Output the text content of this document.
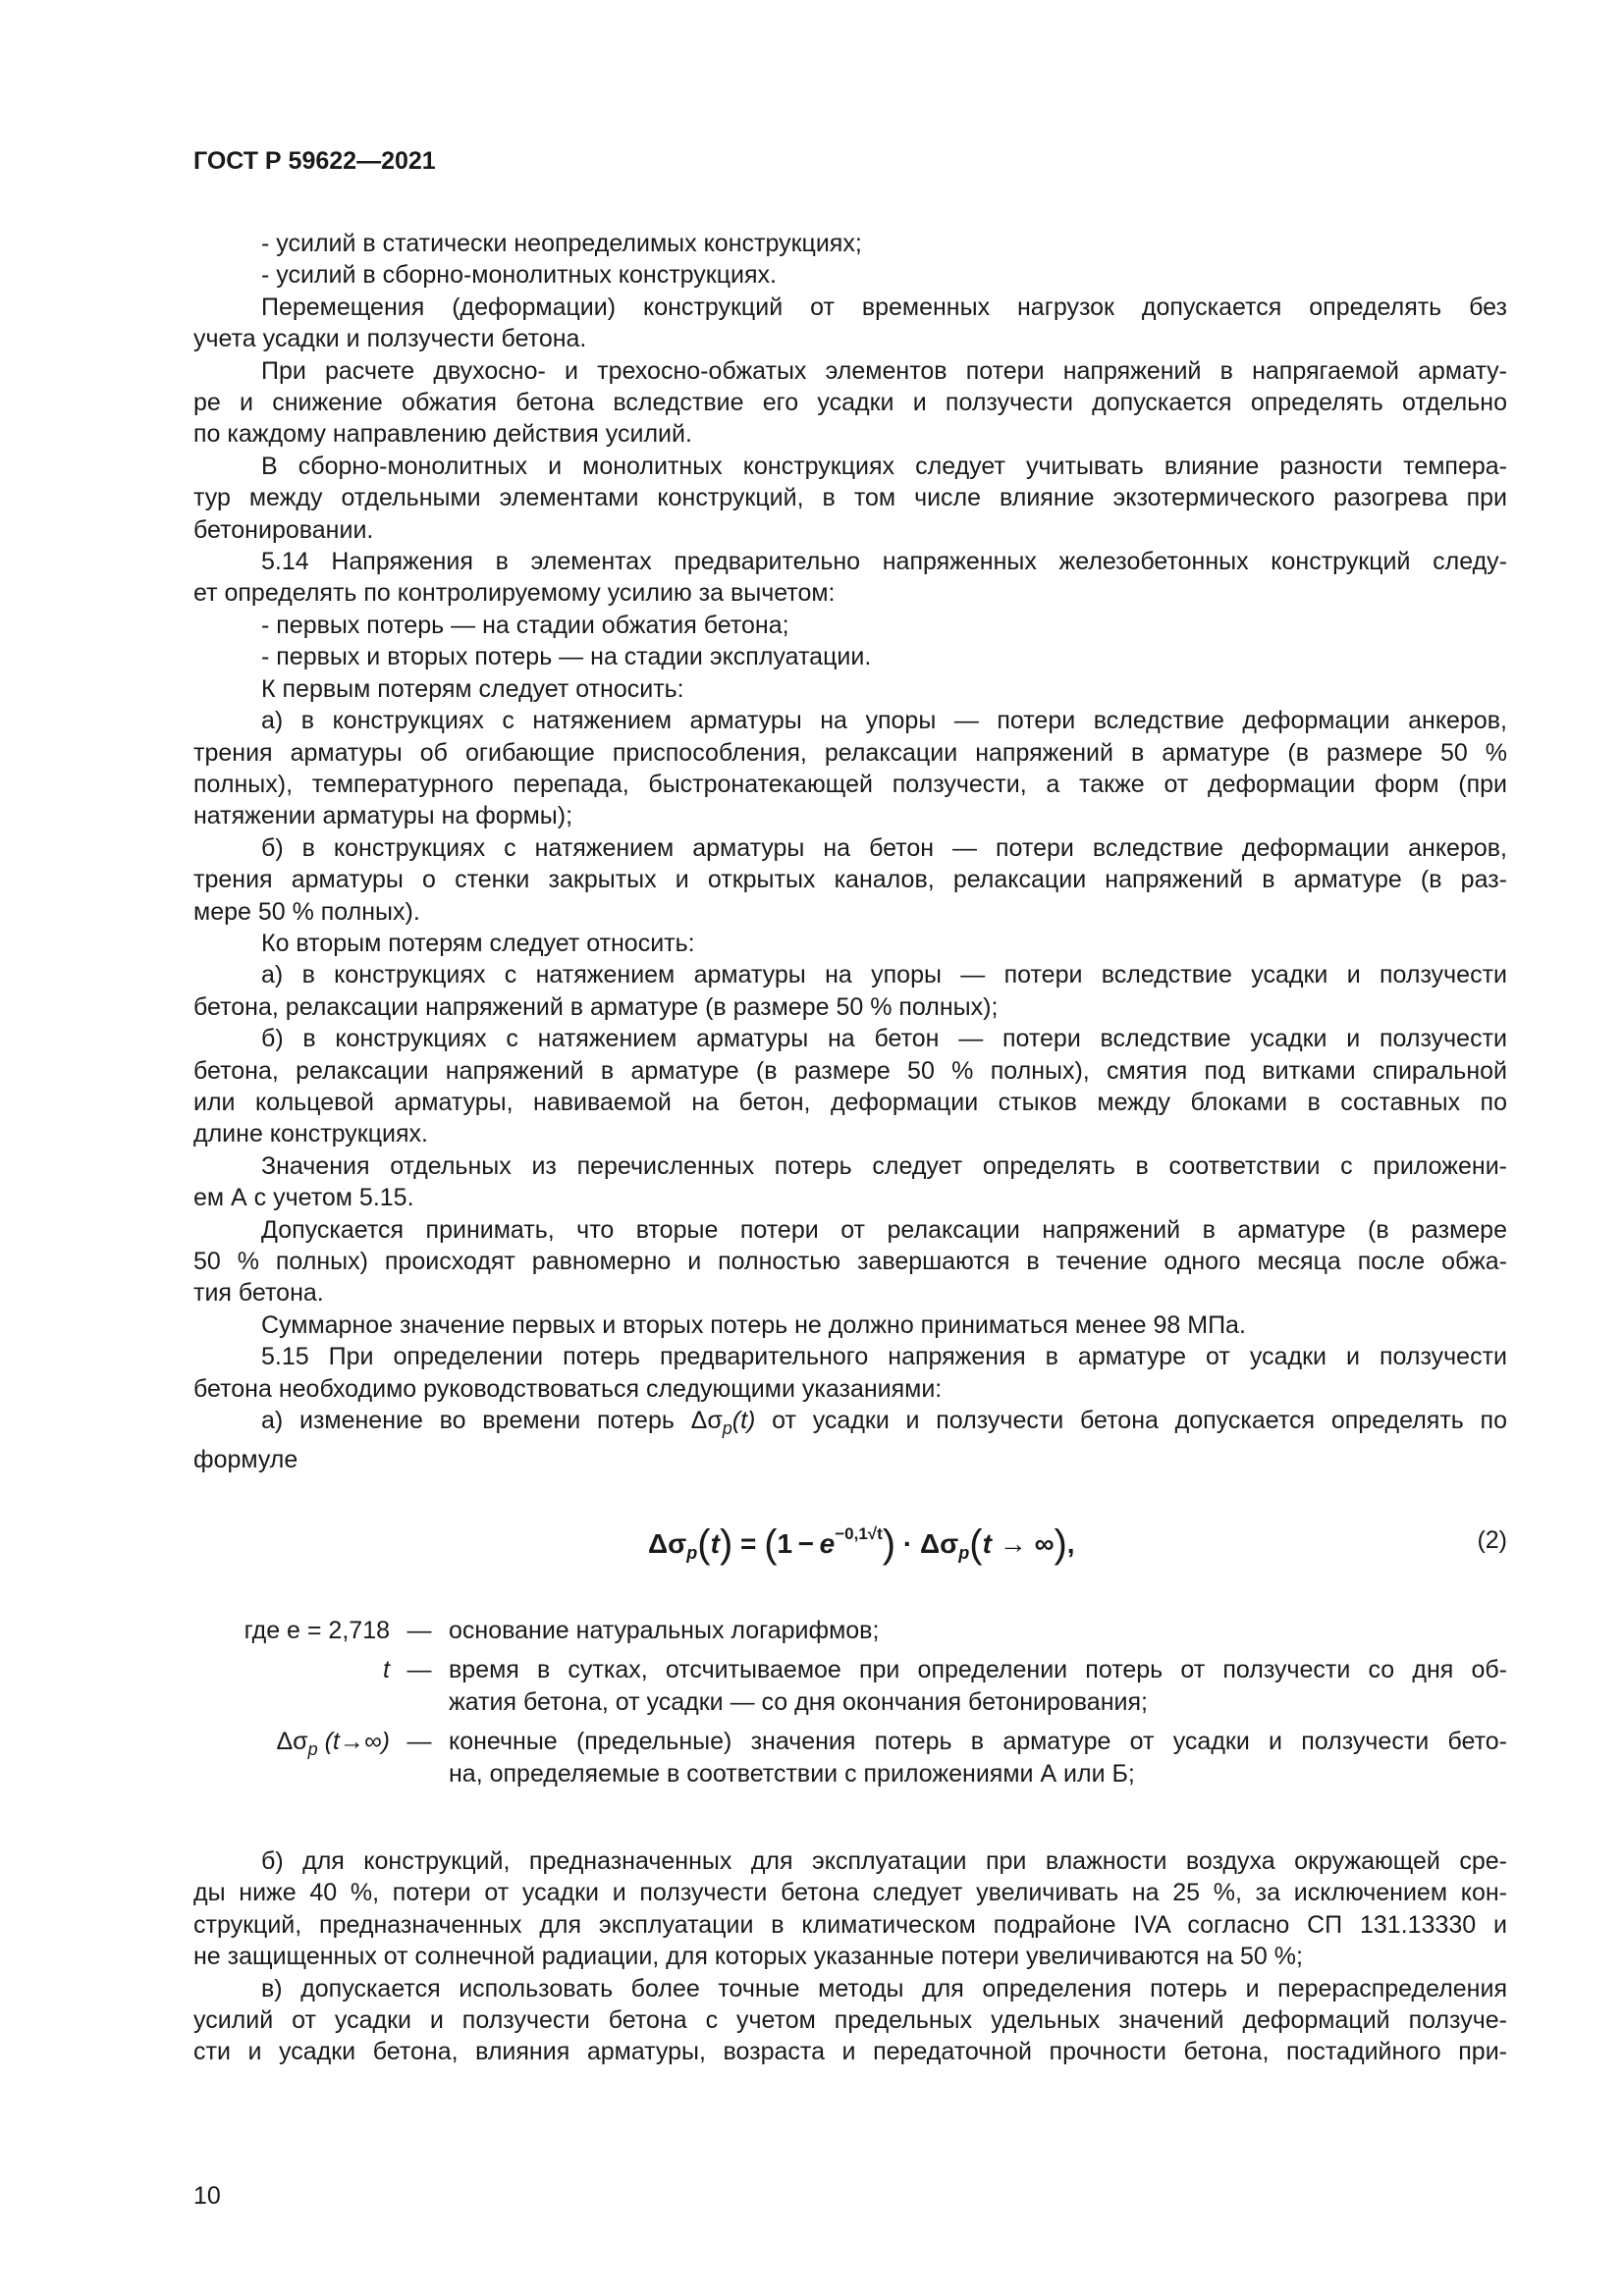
ГОСТ Р 59622—2021

- усилий в статически неопределимых конструкциях;

- усилий в сборно-монолитных конструкциях.

Перемещения (деформации) конструкций от временных нагрузок допускается определять без

учета усадки и ползучести бетона.

При расчете двухосно- и трехосно-обжатых элементов потери напряжений в напрягаемой армату-

ре и снижение обжатия бетона вследствие его усадки и ползучести допускается определять отдельно

по каждому направлению действия усилий.

В сборно-монолитных и монолитных конструкциях следует учитывать влияние разности темпера-

тур между отдельными элементами конструкций, в том числе влияние экзотермического разогрева при

бетонировании.

5.14 Напряжения в элементах предварительно напряженных железобетонных конструкций следу-

ет определять по контролируемому усилию за вычетом:

- первых потерь — на стадии обжатия бетона;

- первых и вторых потерь — на стадии эксплуатации.

К первым потерям следует относить:

а) в конструкциях с натяжением арматуры на упоры — потери вследствие деформации анкеров,

трения арматуры об огибающие приспособления, релаксации напряжений в арматуре (в размере 50 %

полных), температурного перепада, быстронатекающей ползучести, а также от деформации форм (при

натяжении арматуры на формы);

б) в конструкциях с натяжением арматуры на бетон — потери вследствие деформации анкеров,

трения арматуры о стенки закрытых и открытых каналов, релаксации напряжений в арматуре (в раз-

мере 50 % полных).

Ко вторым потерям следует относить:

а) в конструкциях с натяжением арматуры на упоры — потери вследствие усадки и ползучести

бетона, релаксации напряжений в арматуре (в размере 50 % полных);

б) в конструкциях с натяжением арматуры на бетон — потери вследствие усадки и ползучести

бетона, релаксации напряжений в арматуре (в размере 50 % полных), смятия под витками спиральной

или кольцевой арматуры, навиваемой на бетон, деформации стыков между блоками в составных по

длине конструкциях.

Значения отдельных из перечисленных потерь следует определять в соответствии с приложени-

ем А с учетом 5.15.

Допускается принимать, что вторые потери от релаксации напряжений в арматуре (в размере

50 % полных) происходят равномерно и полностью завершаются в течение одного месяца после обжа-

тия бетона.

Суммарное значение первых и вторых потерь не должно приниматься менее 98 МПа.

5.15 При определении потерь предварительного напряжения в арматуре от усадки и ползучести

бетона необходимо руководствоваться следующими указаниями:

а) изменение во времени потерь $\Delta\sigma_p(t)$ от усадки и ползучести бетона допускается определять по

формуле

$\Delta\sigma_p(t) = (1 - e^{-0,1√t}) \cdot \Delta\sigma_p(t$ → ∞),	(2)
где e = 2,718 — основание натуральных логарифмов;
t — время в сутках, отсчитываемое при определении потерь от ползучести со дня об-
жатия бетона, от усадки — со дня окончания бетонирования;
$\Delta\sigma_p$ (t→∞) — конечные (предельные) значения потерь в арматуре от усадки и ползучести бето-
на, определяемые в соответствии с приложениями А или Б;

б) для конструкций, предназначенных для эксплуатации при влажности воздуха окружающей сре-

ды ниже 40 %, потери от усадки и ползучести бетона следует увеличивать на 25 %, за исключением кон-

струкций, предназначенных для эксплуатации в климатическом подрайоне IVA согласно СП 131.13330 и

не защищенных от солнечной радиации, для которых указанные потери увеличиваются на 50 %;

в) допускается использовать более точные методы для определения потерь и перераспределения

усилий от усадки и ползучести бетона с учетом предельных удельных значений деформаций ползуче-

сти и усадки бетона, влияния арматуры, возраста и передаточной прочности бетона, постадийного при-

10
